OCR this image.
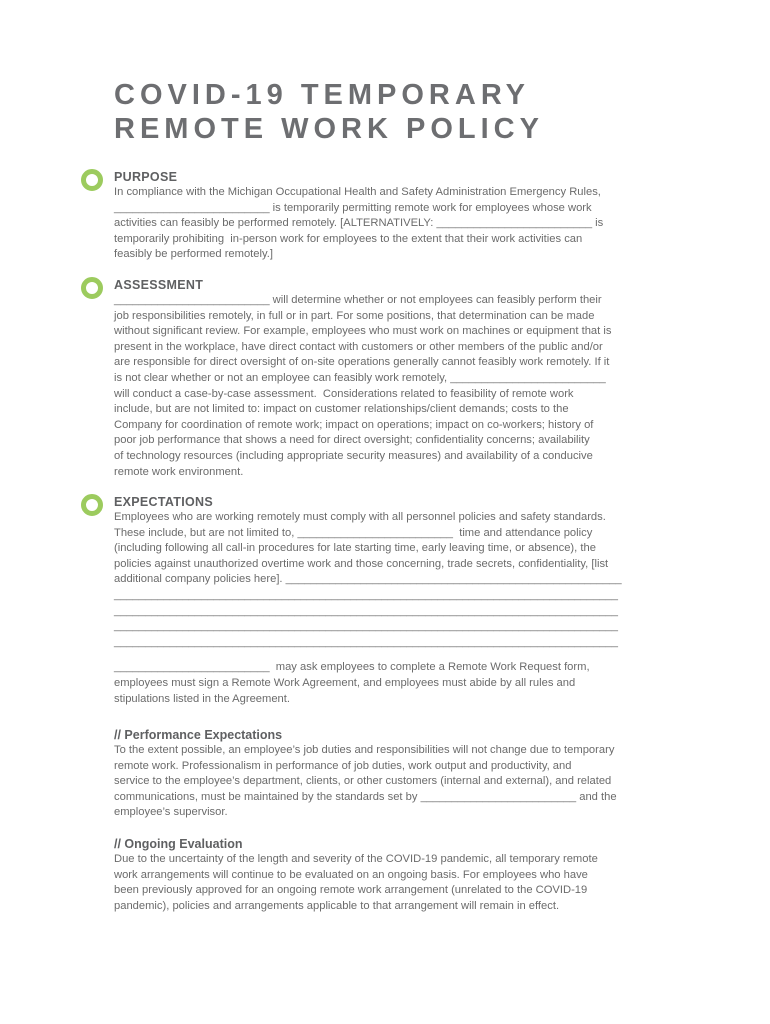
COVID-19 TEMPORARY
REMOTE WORK POLICY
PURPOSE

In compliance with the Michigan Occupational Health and Safety Administration Emergency Rules,
_________________________ is temporarily permitting remote work for employees whose work
activities can feasibly be performed remotely. [ALTERNATIVELY: _________________________ is
temporarily prohibiting  in-person work for employees to the extent that their work activities can
feasibly be performed remotely.]

ASSESSMENT

_________________________ will determine whether or not employees can feasibly perform their
job responsibilities remotely, in full or in part. For some positions, that determination can be made
without significant review. For example, employees who must work on machines or equipment that is
present in the workplace, have direct contact with customers or other members of the public and/or
are responsible for direct oversight of on-site operations generally cannot feasibly work remotely. If it
is not clear whether or not an employee can feasibly work remotely, _________________________
will conduct a case-by-case assessment.  Considerations related to feasibility of remote work
include, but are not limited to: impact on customer relationships/client demands; costs to the
Company for coordination of remote work; impact on operations; impact on co-workers; history of
poor job performance that shows a need for direct oversight; confidentiality concerns; availability
of technology resources (including appropriate security measures) and availability of a conducive
remote work environment.

EXPECTATIONS

Employees who are working remotely must comply with all personnel policies and safety standards.
These include, but are not limited to, _________________________  time and attendance policy
(including following all call-in procedures for late starting time, early leaving time, or absence), the
policies against unauthorized overtime work and those concerning, trade secrets, confidentiality, [list
additional company policies here]. ______________________________________________________
_________________________________________________________________________________
_________________________________________________________________________________
_________________________________________________________________________________
_________________________________________________________________________________

_________________________  may ask employees to complete a Remote Work Request form,
employees must sign a Remote Work Agreement, and employees must abide by all rules and
stipulations listed in the Agreement.

// Performance Expectations

To the extent possible, an employee’s job duties and responsibilities will not change due to temporary
remote work. Professionalism in performance of job duties, work output and productivity, and
service to the employee’s department, clients, or other customers (internal and external), and related
communications, must be maintained by the standards set by _________________________ and the
employee’s supervisor.

// Ongoing Evaluation

Due to the uncertainty of the length and severity of the COVID-19 pandemic, all temporary remote
work arrangements will continue to be evaluated on an ongoing basis. For employees who have
been previously approved for an ongoing remote work arrangement (unrelated to the COVID-19
pandemic), policies and arrangements applicable to that arrangement will remain in effect.
